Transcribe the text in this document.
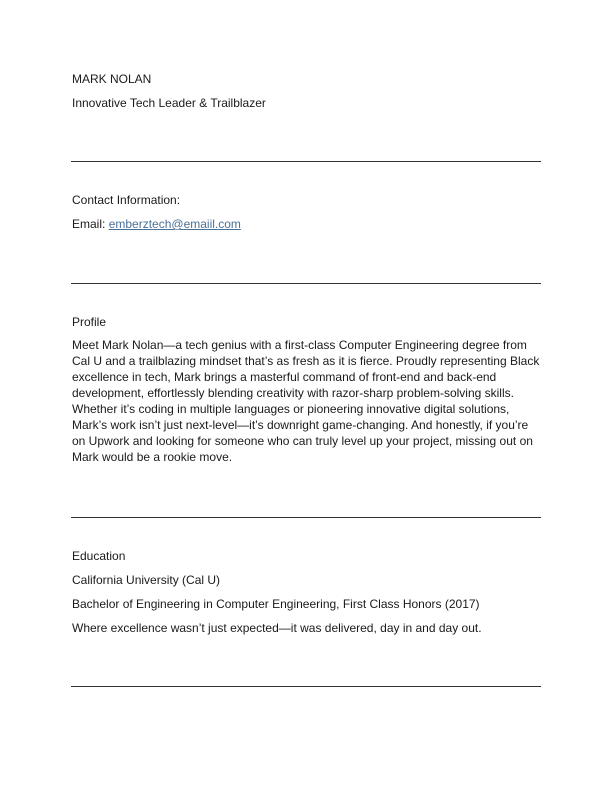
MARK NOLAN

Innovative Tech Leader & Trailblazer

Contact Information:

Email: emberztech@emaiil.com

Profile

Meet Mark Nolan—a tech genius with a first-class Computer Engineering degree from
Cal U and a trailblazing mindset that’s as fresh as it is fierce. Proudly representing Black
excellence in tech, Mark brings a masterful command of front-end and back-end
development, effortlessly blending creativity with razor-sharp problem-solving skills.
Whether it’s coding in multiple languages or pioneering innovative digital solutions,
Mark’s work isn’t just next-level—it’s downright game-changing. And honestly, if you’re
on Upwork and looking for someone who can truly level up your project, missing out on
Mark would be a rookie move.

Education

California University (Cal U)

Bachelor of Engineering in Computer Engineering, First Class Honors (2017)

Where excellence wasn’t just expected—it was delivered, day in and day out.
